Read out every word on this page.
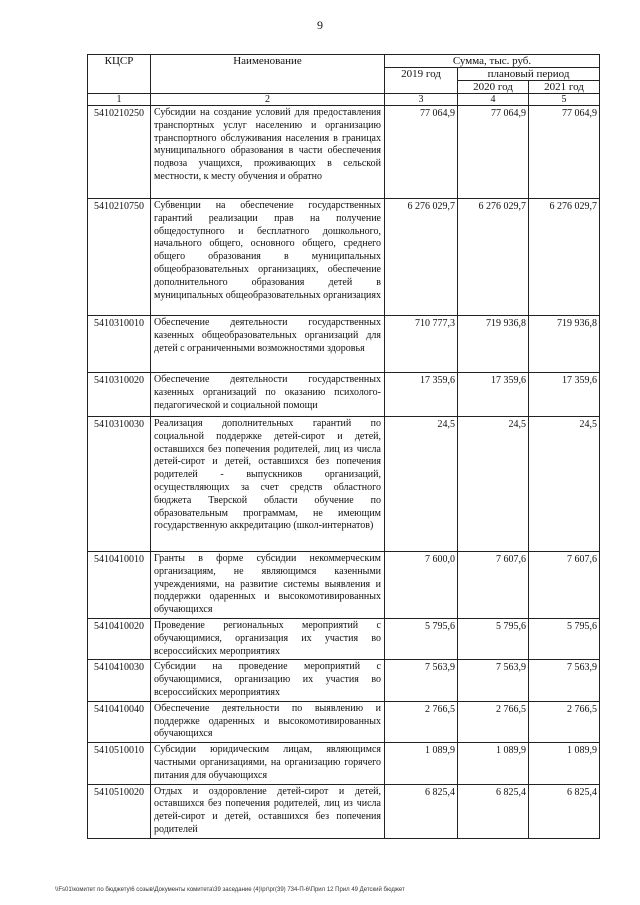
9
КЦСР	Наименование	Сумма, тыс. руб.		
		2019 год	плановый период	
			2020 год	2021 год
1	2	3	4	5
5410210250	Субсидии на создание условий для предоставления транспортных услуг населению и организацию транспортного обслуживания населения в границах муниципального образования в части обеспечения подвоза учащихся, проживающих в сельской местности, к месту обучения и обратно	77 064,9	77 064,9	77 064,9
5410210750	Субвенции на обеспечение государственных гарантий реализации прав на получение общедоступного и бесплатного дошкольного, начального общего, основного общего, среднего общего образования в муниципальных общеобразовательных организациях, обеспечение дополнительного образования детей в муниципальных общеобразовательных организациях	6 276 029,7	6 276 029,7	6 276 029,7
5410310010	Обеспечение деятельности государственных казенных общеобразовательных организаций для детей с ограниченными возможностями здоровья	710 777,3	719 936,8	719 936,8
5410310020	Обеспечение деятельности государственных казенных организаций по оказанию психолого-педагогической и социальной помощи	17 359,6	17 359,6	17 359,6
5410310030	Реализация дополнительных гарантий по социальной поддержке детей-сирот и детей, оставшихся без попечения родителей, лиц из числа детей-сирот и детей, оставшихся без попечения родителей - выпускников организаций, осуществляющих за счет средств областного бюджета Тверской области обучение по образовательным программам, не имеющим государственную аккредитацию (школ-интернатов)	24,5	24,5	24,5
5410410010	Гранты в форме субсидии некоммерческим организациям, не являющимся казенными учреждениями, на развитие системы выявления и поддержки одаренных и высокомотивированных обучающихся	7 600,0	7 607,6	7 607,6
5410410020	Проведение региональных мероприятий с обучающимися, организация их участия во всероссийских мероприятиях	5 795,6	5 795,6	5 795,6
5410410030	Субсидии на проведение мероприятий с обучающимися, организацию их участия во всероссийских мероприятиях	7 563,9	7 563,9	7 563,9
5410410040	Обеспечение деятельности по выявлению и поддержке одаренных и высокомотивированных обучающихся	2 766,5	2 766,5	2 766,5
5410510010	Субсидии юридическим лицам, являющимся частными организациями, на организацию горячего питания для обучающихся	1 089,9	1 089,9	1 089,9
5410510020	Отдых и оздоровление детей-сирот и детей, оставшихся без попечения родителей, лиц из числа детей-сирот и детей, оставшихся без попечения родителей	6 825,4	6 825,4	6 825,4
\\Fs01\комитет по бюджету\6 созыв\Документы комитета\39 заседание (4)\рг\рг(39) 734-П-6\Прил 12 Прил 49 Детский бюджет
